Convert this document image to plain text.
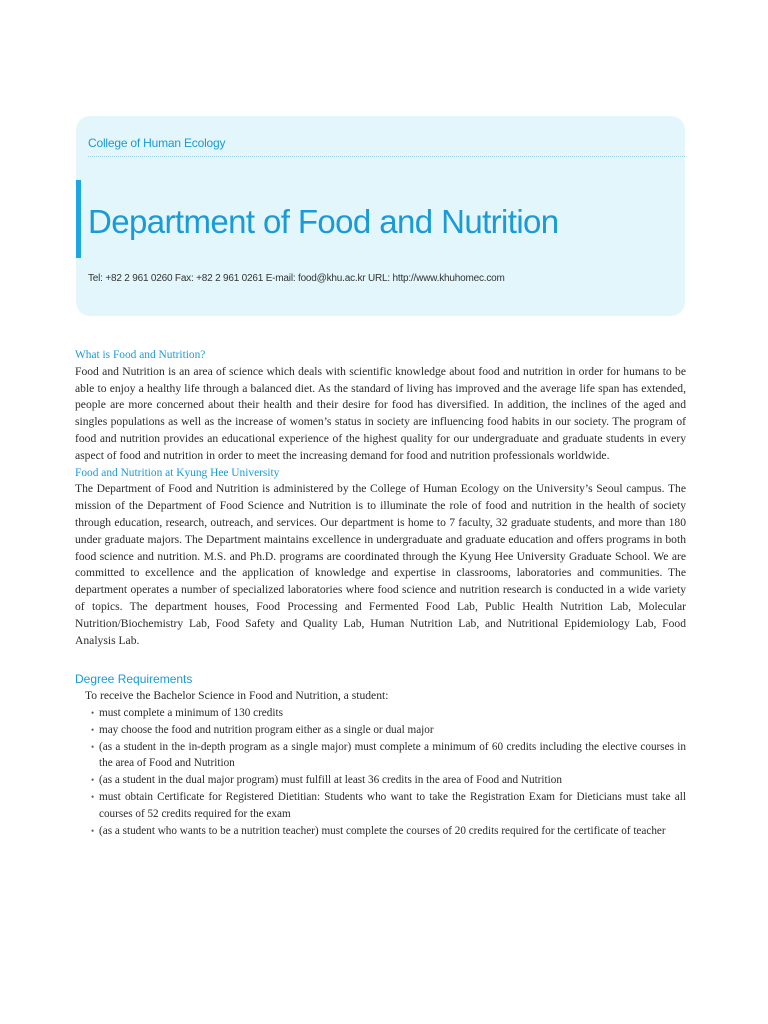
College of Human Ecology
Department of Food and Nutrition
Tel: +82 2 961 0260 Fax: +82 2 961 0261 E-mail: food@khu.ac.kr URL: http://www.khuhomec.com
What is Food and Nutrition?

Food and Nutrition is an area of science which deals with scientific knowledge about food and nutrition in order for humans to be able to enjoy a healthy life through a balanced diet. As the standard of living has improved and the average life span has extended, people are more concerned about their health and their desire for food has diversified. In addition, the inclines of the aged and singles populations as well as the increase of women’s status in society are influencing food habits in our society. The program of food and nutrition provides an educational experience of the highest quality for our undergraduate and graduate students in every aspect of food and nutrition in order to meet the increasing demand for food and nutrition professionals worldwide.

Food and Nutrition at Kyung Hee University

The Department of Food and Nutrition is administered by the College of Human Ecology on the University’s Seoul campus. The mission of the Department of Food Science and Nutrition is to illuminate the role of food and nutrition in the health of society through education, research, outreach, and services. Our department is home to 7 faculty, 32 graduate students, and more than 180 under graduate majors. The Department maintains excellence in undergraduate and graduate education and offers programs in both food science and nutrition. M.S. and Ph.D. programs are coordinated through the Kyung Hee University Graduate School. We are committed to excellence and the application of knowledge and expertise in classrooms, laboratories and communities. The department operates a number of specialized laboratories where food science and nutrition research is conducted in a wide variety of topics. The department houses, Food Processing and Fermented Food Lab, Public Health Nutrition Lab, Molecular Nutrition/Biochemistry Lab, Food Safety and Quality Lab, Human Nutrition Lab, and Nutritional Epidemiology Lab, Food Analysis Lab.

Degree Requirements

To receive the Bachelor Science in Food and Nutrition, a student:

• must complete a minimum of 130 credits
• may choose the food and nutrition program either as a single or dual major
• (as a student in the in-depth program as a single major) must complete a minimum of 60 credits including the elective courses in the area of Food and Nutrition
• (as a student in the dual major program) must fulfill at least 36 credits in the area of Food and Nutrition
• must obtain Certificate for Registered Dietitian: Students who want to take the Registration Exam for Dieticians must take all courses of 52 credits required for the exam
• (as a student who wants to be a nutrition teacher) must complete the courses of 20 credits required for the certificate of teacher
